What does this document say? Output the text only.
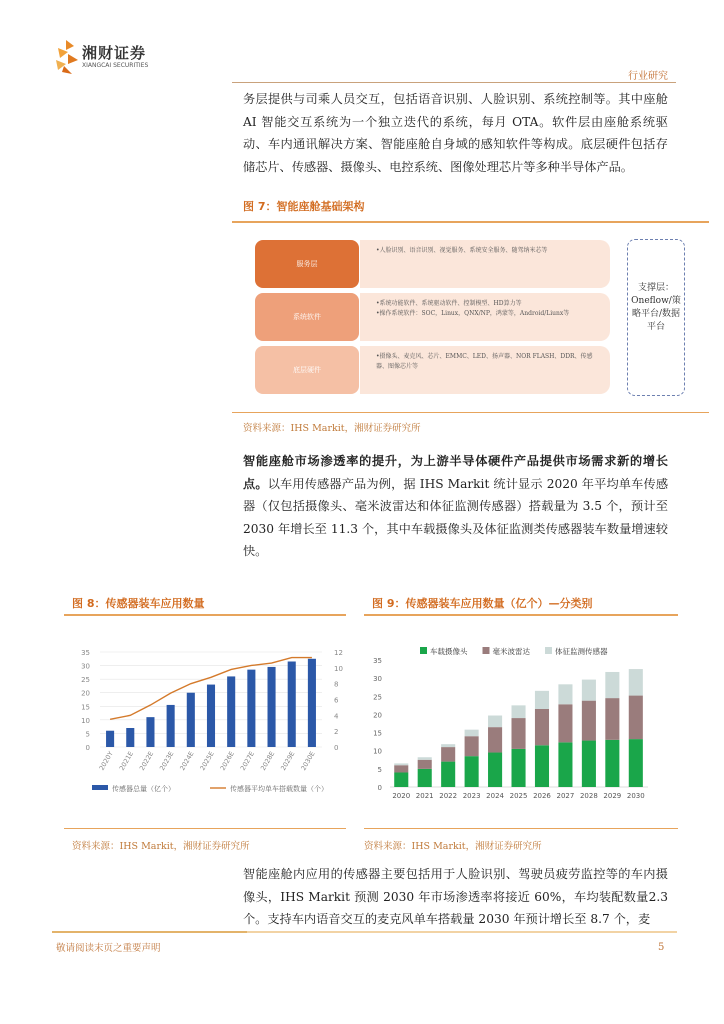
湘财证券
XIANGCAI SECURITIES
行业研究
务层提供与司乘人员交互，包括语音识别、人脸识别、系统控制等。其中座舱AI 智能交互系统为一个独立迭代的系统，每月 OTA。软件层由座舱系统驱动、车内通讯解决方案、智能座舱自身域的感知软件等构成。底层硬件包括存储芯片、传感器、摄像头、电控系统、图像处理芯片等多种半导体产品。
图 7：智能座舱基础架构
服务层
•人脸识别、语音识别、视觉服务、系统安全服务、随驾纳米芯等
系统软件
•系统功能软件、系统驱动软件、控制模型、HD算力等
•操作系统软件：SOC，Linux，QNX/NP，鸿蒙等，Android/Liunx等
底层硬件
•摄像头、麦克风、芯片、EMMC、LED、扬声器、NOR FLASH、DDR、传感器、图像芯片等
支撑层：Oneflow/策略平台/数据平台
资料来源：IHS Markit，湘财证券研究所
智能座舱市场渗透率的提升，为上游半导体硬件产品提供市场需求新的增长点。以车用传感器产品为例，据 IHS Markit 统计显示 2020 年平均单车传感器（仅包括摄像头、毫米波雷达和体征监测传感器）搭载量为 3.5 个，预计至 2030 年增长至 11.3 个，其中车载摄像头及体征监测类传感器装车数量增速较快。
图 8：传感器装车应用数量	图 9：传感器装车应用数量（亿个）—分类别
0
5
10
15
20
25
30
35
0
2
4
6
8
10
12
2020Y 2021E 2022E 2023E 2024E 2025E 2026E 2027E 2028E 2029E 2030E
传感器总量（亿个）	传感器平均单车搭载数量（个）	0
5
10
15
20
25
30
35
2020 2021 2022 2023 2024 2025 2026 2027 2028 2029 2030
车载摄像头	毫米波雷达	体征监测传感器
资料来源：IHS Markit，湘财证券研究所	资料来源：IHS Markit，湘财证券研究所
智能座舱内应用的传感器主要包括用于人脸识别、驾驶员疲劳监控等的车内摄像头，IHS Markit 预测 2030 年市场渗透率将接近 60%，车均装配数量2.3 个。支持车内语音交互的麦克风单车搭载量 2030 年预计增长至 8.7 个，麦
敬请阅读末页之重要声明	5
